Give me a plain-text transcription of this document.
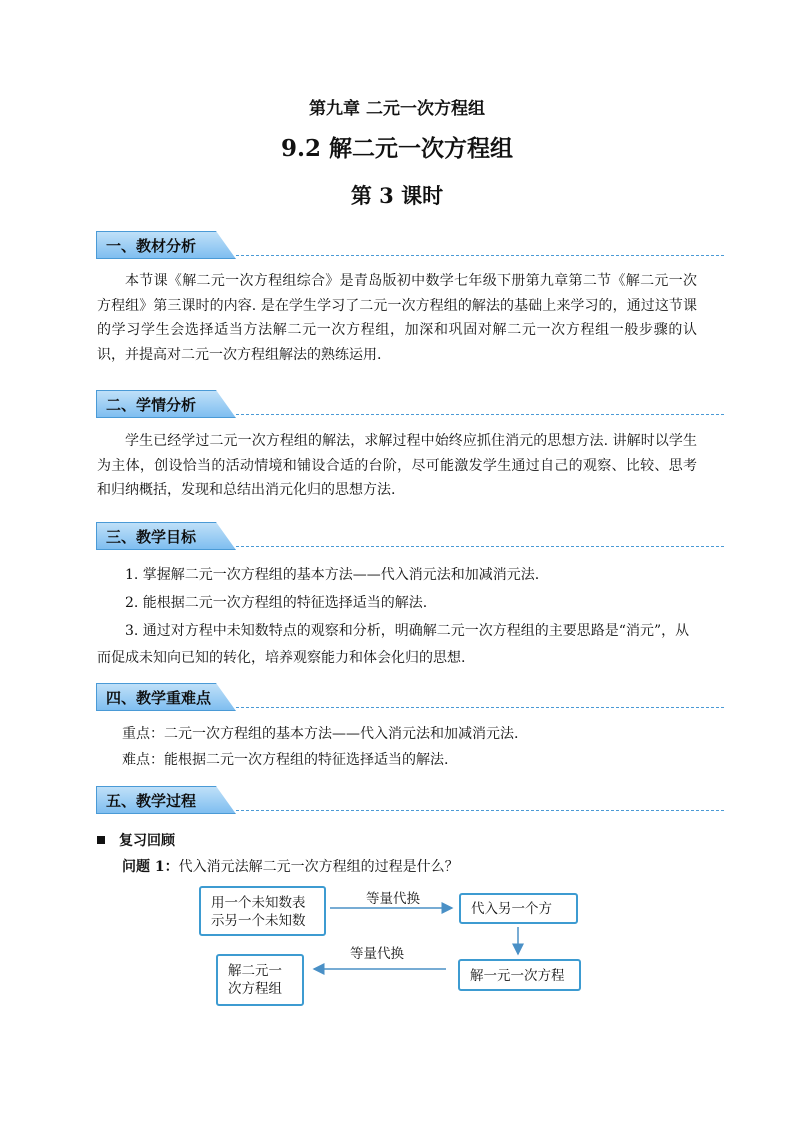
第九章 二元一次方程组
9.2 解二元一次方程组
第 3 课时
一、教材分析

本节课《解二元一次方程组综合》是青岛版初中数学七年级下册第九章第二节《解二元一次方程组》第三课时的内容. 是在学生学习了二元一次方程组的解法的基础上来学习的，通过这节课的学习学生会选择适当方法解二元一次方程组，加深和巩固对解二元一次方程组一般步骤的认识，并提高对二元一次方程组解法的熟练运用.

二、学情分析

学生已经学过二元一次方程组的解法，求解过程中始终应抓住消元的思想方法. 讲解时以学生为主体，创设恰当的活动情境和铺设合适的台阶，尽可能激发学生通过自己的观察、比较、思考和归纳概括，发现和总结出消元化归的思想方法.

三、教学目标

1. 掌握解二元一次方程组的基本方法——代入消元法和加减消元法.

2. 能根据二元一次方程组的特征选择适当的解法.

3. 通过对方程中未知数特点的观察和分析，明确解二元一次方程组的主要思路是“消元”，从

而促成未知向已知的转化，培养观察能力和体会化归的思想.

四、教学重难点

重点：二元一次方程组的基本方法——代入消元法和加减消元法.

难点：能根据二元一次方程组的特征选择适当的解法.

五、教学过程
复习回顾
问题 1：代入消元法解二元一次方程组的过程是什么？
用一个未知数表示另一个未知数
代入另一个方
解一元一次方程
解二元一次方程组
等量代换
等量代换
